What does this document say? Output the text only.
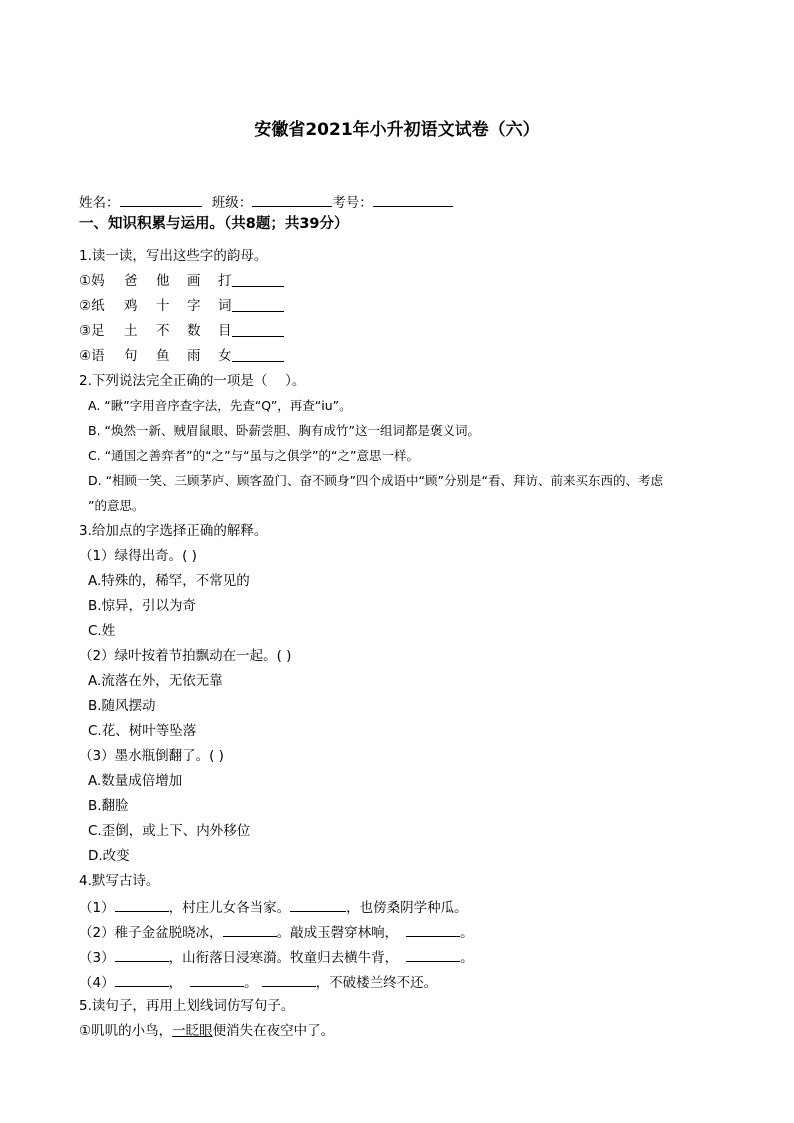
安徽省2021年小升初语文试卷（六）
姓名：	班级：	考号：
一、知识积累与运用。（共8题；共39分）
1.读一读，写出这些字的韵母。
①妈 爸 他 画 打
②纸 鸡 十 字 词
③足 土 不 数 目
④语 句 鱼 雨 女
2.下列说法完全正确的一项是（　 ）。
A. “瞅”字用音序查字法，先查“Q”，再查“iu”。
B. “焕然一新、贼眉鼠眼、卧薪尝胆、胸有成竹”这一组词都是褒义词。
C. “通国之善弈者”的“之”与“虽与之俱学”的“之”意思一样。
D. “相顾一笑、三顾茅庐、顾客盈门、奋不顾身”四个成语中“顾”分别是“看、拜访、前来买东西的、考虑
”的意思。
3.给加点的字选择正确的解释。
（1）绿得出奇。( )
A.特殊的，稀罕，不常见的
B.惊异，引以为奇
C.姓
（2）绿叶按着节拍飘动在一起。( )
A.流落在外，无依无靠
B.随风摆动
C.花、树叶等坠落
（3）墨水瓶倒翻了。( )
A.数量成倍增加
B.翻脸
C.歪倒，或上下、内外移位
D.改变
4.默写古诗。
（1）	，村庄儿女各当家。	，也傍桑阴学种瓜。
（2）稚子金盆脱晓冰，	。敲成玉磬穿林响，	。
（3）	，山衔落日浸寒漪。牧童归去横牛背，	。
（4）	，	。	，不破楼兰终不还。
5.读句子，再用上划线词仿写句子。
①叽叽的小鸟，一眨眼便消失在夜空中了。
